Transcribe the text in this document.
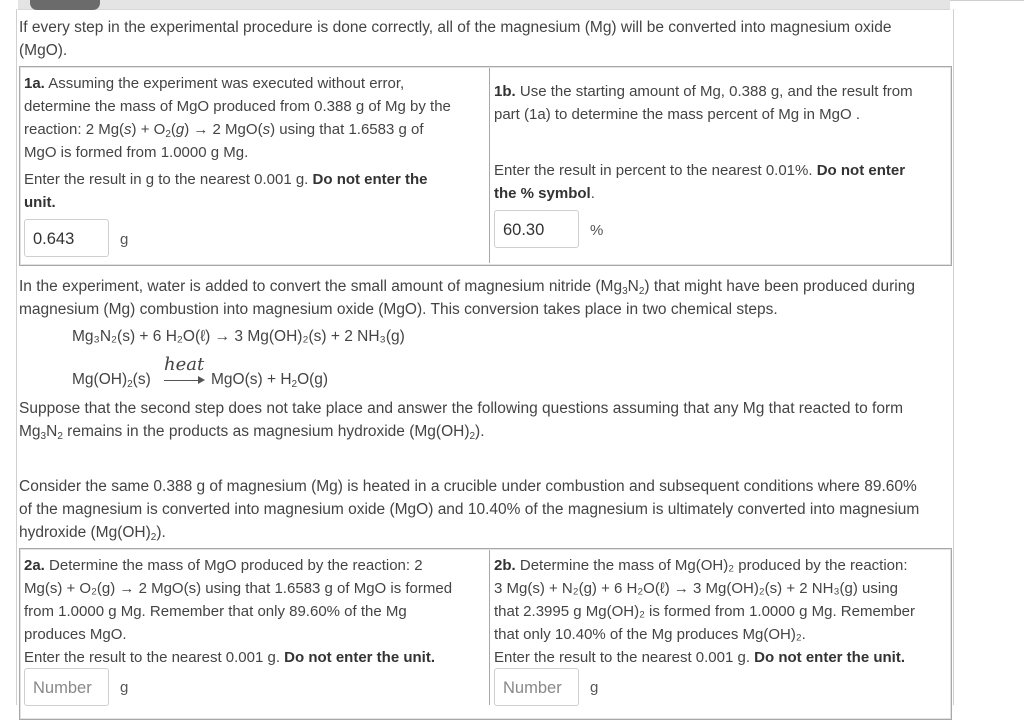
If every step in the experimental procedure is done correctly, all of the magnesium (Mg) will be converted into magnesium oxide
(MgO).

1a. Assuming the experiment was executed without error,
determine the mass of MgO produced from 0.388 g of Mg by the
reaction: 2 $Mg(s) + O_2(g) \to 2$ MgO(s) using that 1.6583 g of
MgO is formed from 1.0000 g Mg.
Enter the result in g to the nearest 0.001 g. Do not enter the
unit.
0.643	g
1b. Use the starting amount of Mg, 0.388 g, and the result from
part (1a) to determine the mass percent of Mg in MgO .
Enter the result in percent to the nearest 0.01%. Do not enter
the % symbol.
60.30	%

In the experiment, water is added to convert the small amount of magnesium nitride $(Mg_3N_2)$ that might have been produced during
magnesium (Mg) combustion into magnesium oxide (MgO). This conversion takes place in two chemical steps.

Mg₃N₂(s) + 6 H₂O(ℓ) → 3 Mg(OH)₂(s) + 2 NH₃(g)
$Mg(OH)_2(s)$
heat
$MgO(s) + H_2O(g)$

Suppose that the second step does not take place and answer the following questions assuming that any Mg that reacted to form
$Mg_3N_2$ remains in the products as magnesium hydroxide $(Mg(OH)_2)$.

Consider the same 0.388 g of magnesium (Mg) is heated in a crucible under combustion and subsequent conditions where 89.60%
of the magnesium is converted into magnesium oxide (MgO) and 10.40% of the magnesium is ultimately converted into magnesium
hydroxide $(Mg(OH)_2)$.

2a. Determine the mass of MgO produced by the reaction: 2
Mg(s) + O₂(g) → 2 MgO(s) using that 1.6583 g of MgO is formed
from 1.0000 g Mg. Remember that only 89.60% of the Mg
produces MgO.
Enter the result to the nearest 0.001 g. Do not enter the unit.
Number	g
2b. Determine the mass of Mg(OH)₂ produced by the reaction:
3 Mg(s) + N₂(g) + 6 H₂O(ℓ) → 3 Mg(OH)₂(s) + 2 NH₃(g) using
that 2.3995 g Mg(OH)₂ is formed from 1.0000 g Mg. Remember
that only 10.40% of the Mg produces Mg(OH)₂.
Enter the result to the nearest 0.001 g. Do not enter the unit.
Number	g
